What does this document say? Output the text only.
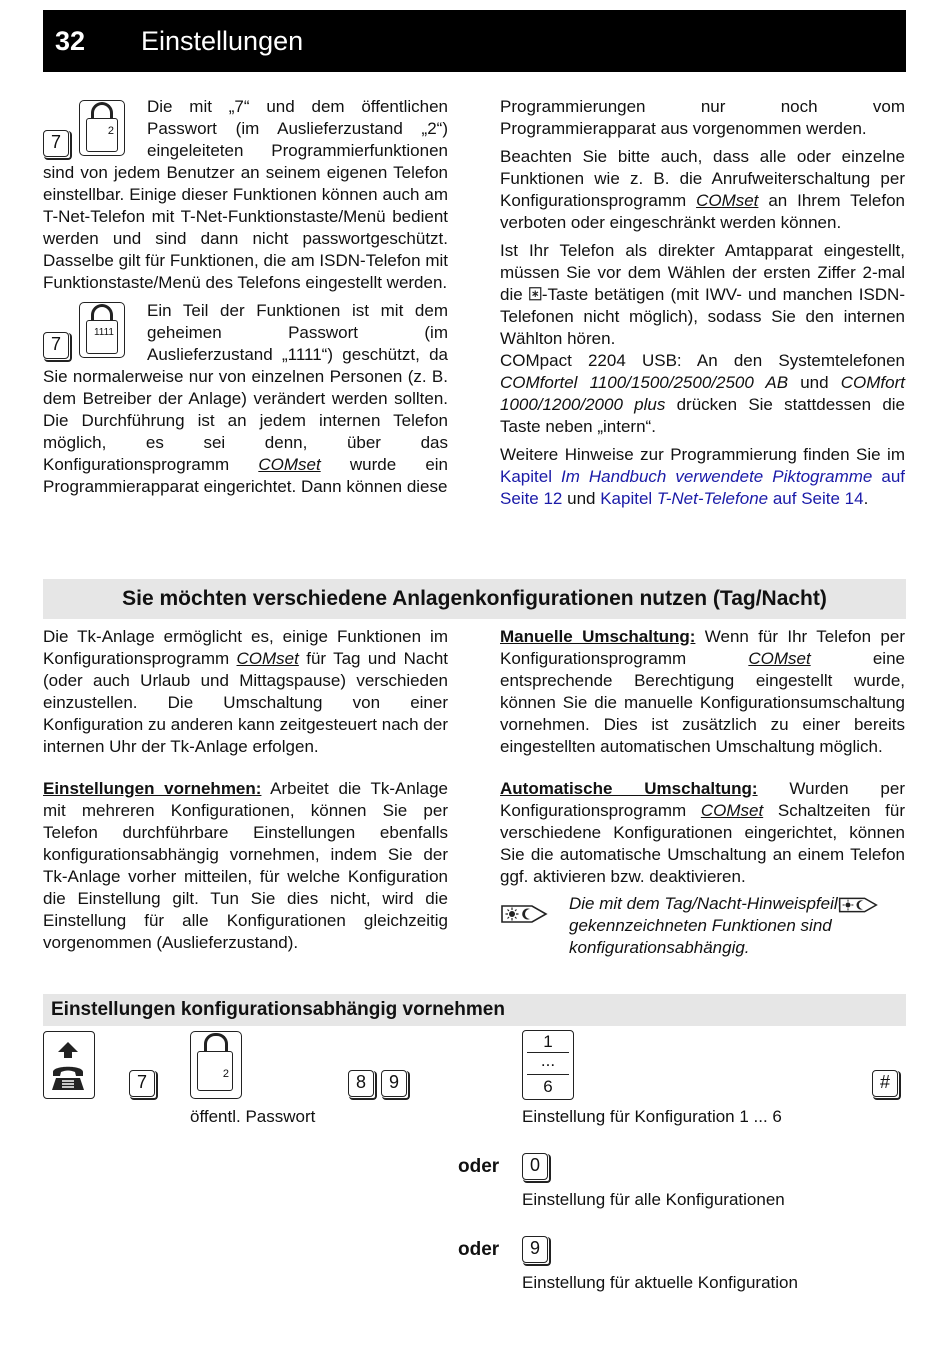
32 Einstellungen

7
2
Die mit „7“ und dem öffentlichen Passwort (im Auslieferzustand „2“) eingeleiteten Programmierfunktionen sind von jedem Benutzer an seinem eigenen Telefon einstellbar. Einige dieser Funktionen können auch am T-Net-Telefon mit T-Net-Funktionstaste/Menü bedient werden und sind dann nicht passwortgeschützt. Dasselbe gilt für Funktionen, die am ISDN-Telefon mit Funktionstaste/Menü des Telefons eingestellt werden.

7
1111
Ein Teil der Funktionen ist mit dem geheimen Passwort (im Auslieferzustand „1111“) geschützt, da Sie normalerweise nur von einzelnen Personen (z. B. dem Betreiber der Anlage) verändert werden sollten. Die Durchführung ist an jedem internen Telefon möglich, es sei denn, über das Konfigurationsprogramm COMset wurde ein Programmierapparat eingerichtet. Dann können diese

Programmierungen nur noch vom Programmierapparat aus vorgenommen werden.

Beachten Sie bitte auch, dass alle oder einzelne Funktionen wie z. B. die Anrufweiterschaltung per Konfigurationsprogramm COMset an Ihrem Telefon verboten oder eingeschränkt werden können.

Ist Ihr Telefon als direkter Amtapparat eingestellt, müssen Sie vor dem Wählen der ersten Ziffer 2-mal die -Taste betätigen (mit IWV- und manchen ISDN-Telefonen nicht möglich), sodass Sie den internen Wählton hören.

COMpact 2204 USB: An den Systemtelefonen COMfortel 1100/1500/2500/2500 AB und COMfort 1000/1200/2000 plus drücken Sie stattdessen die Taste neben „intern“.

Weitere Hinweise zur Programmierung finden Sie im Kapitel Im Handbuch verwendete Piktogramme auf Seite 12 und Kapitel T-Net-Telefone auf Seite 14.

Sie möchten verschiedene Anlagenkonfigurationen nutzen (Tag/Nacht)

Die Tk-Anlage ermöglicht es, einige Funktionen im Konfigurationsprogramm COMset für Tag und Nacht (oder auch Urlaub und Mittagspause) verschieden einzustellen. Die Umschaltung von einer Konfiguration zu anderen kann zeitgesteuert nach der internen Uhr der Tk-Anlage erfolgen.

Einstellungen vornehmen: Arbeitet die Tk-Anlage mit mehreren Konfigurationen, können Sie per Telefon durchführbare Einstellungen ebenfalls konfigurationsabhängig vornehmen, indem Sie der Tk-Anlage vorher mitteilen, für welche Konfiguration die Einstellung gilt. Tun Sie dies nicht, wird die Einstellung für alle Konfigurationen gleichzeitig vorgenommen (Auslieferzustand).

Manuelle Umschaltung: Wenn für Ihr Telefon per Konfigurationsprogramm COMset eine entsprechende Berechtigung eingestellt wurde, können Sie die manuelle Konfigurationsumschaltung vornehmen. Dies ist zusätzlich zu einer bereits eingestellten automatischen Umschaltung möglich.

Automatische Umschaltung: Wurden per Konfigurationsprogramm COMset Schaltzeiten für verschiedene Konfigurationen eingerichtet, können Sie die automatische Umschaltung an einem Telefon ggf. aktivieren bzw. deaktivieren.

Die mit dem Tag/Nacht-Hinweispfeil
gekennzeichneten Funktionen sind konfigurationsabhängig.
Einstellungen konfigurationsabhängig vornehmen
7	2
öffentl. Passwort
8	9
1
...
6
Einstellung für Konfiguration 1 ... 6
#
oder	0
Einstellung für alle Konfigurationen
oder	9
Einstellung für aktuelle Konfiguration
